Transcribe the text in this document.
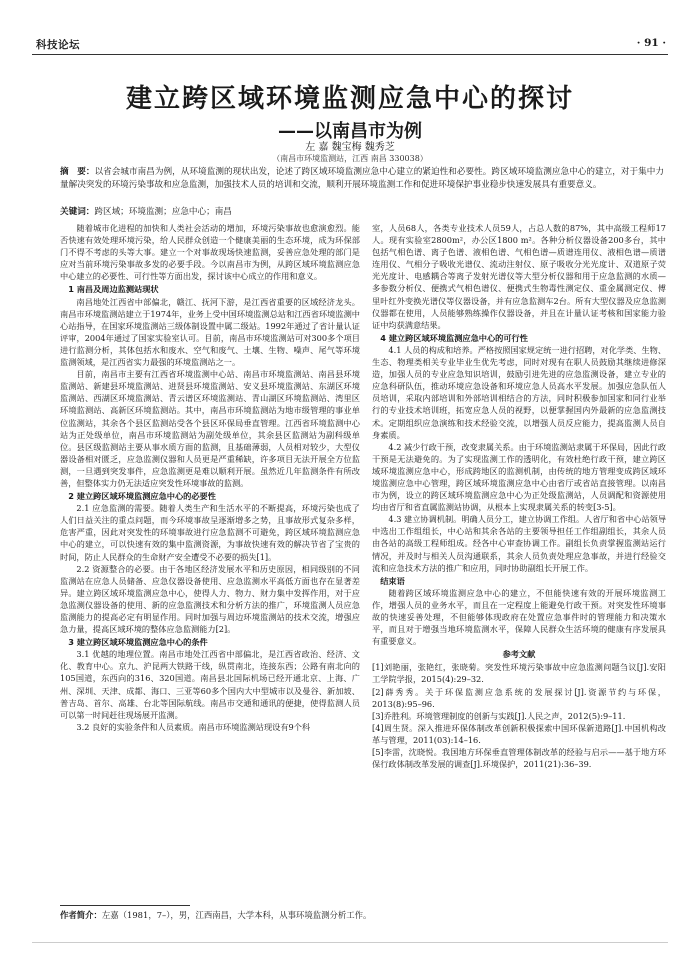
科技论坛	· 91 ·
建立跨区域环境监测应急中心的探讨
——以南昌市为例
左 嘉 魏宝梅 魏秀芝
（南昌市环境监测站，江西 南昌 330038）
摘　要：以省会城市南昌为例，从环境监测的现状出发，论述了跨区域环境监测应急中心建立的紧迫性和必要性。跨区域环境监测应急中心的建立，对于集中力量解决突发的环境污染事故和应急监测，加强技术人员的培训和交流，顺利开展环境监测工作和促进环境保护事业稳步快速发展具有重要意义。
关键词：跨区域；环境监测；应急中心；南昌

随着城市化进程的加快和人类社会活动的增加，环境污染事故也愈演愈烈。能否快速有效处理环境污染，给人民群众创造一个健康美丽的生态环境，成为环保部门不得不考虑的头等大事。建立一个对事故现场快速监测，妥善应急处理的部门是应对当前环境污染事故多发的必要手段。今以南昌市为例，从跨区域环境监测应急中心建立的必要性、可行性等方面出发，探讨该中心成立的作用和意义。

1 南昌及周边监测站现状

南昌地处江西省中部偏北，赣江、抚河下游，是江西省重要的区域经济龙头。南昌市环境监测站建立于1974年，业务上受中国环境监测总站和江西省环境监测中心站指导，在国家环境监测站三级体制设置中属二级站。1992年通过了省计量认证评审，2004年通过了国家实验室认可。目前，南昌市环境监测站可对300多个项目进行监测分析，其体包括水和废水、空气和废气、土壤、生物、噪声、尾气等环境监测领域，是江西省实力最强的环境监测站之一。

目前，南昌市主要有江西省环境监测中心站、南昌市环境监测站、南昌县环境监测站、新建县环境监测站、进贤县环境监测站、安义县环境监测站、东湖区环境监测站、西湖区环境监测站、青云谱区环境监测站、青山湖区环境监测站、湾里区环境监测站、高新区环境监测站。其中，南昌市环境监测站为地市级管理的事业单位监测站，其余各个县区监测站受各个县区环保局垂直管理。江西省环境监测中心站为正处级单位，南昌市环境监测站为副处级单位，其余县区监测站为副科级单位。县区级监测站主要从事水质方面的监测，且基础薄弱，人员相对较少，大型仪器设备相对匮乏，应急监测仪器和人员更是严重稀缺，许多项目无法开展全方位监测，一旦遇到突发事件，应急监测更是难以顺利开展。虽然近几年监测条件有所改善，但整体实力仍无法适应突发性环境事故的监测。

2 建立跨区域环境监测应急中心的必要性

2.1 应急监测的需要。随着人类生产和生活水平的不断提高，环境污染也成了人们日益关注的重点问题，而今环境事故呈逐渐增多之势，且事故形式复杂多样，危害严重，因此对突发性的环境事故进行应急监测不可避免，跨区域环境监测应急中心的建立，可以快速有效的集中监测资源，为事故快速有效的解决节省了宝贵的时间，防止人民群众的生命财产安全遭受不必要的损失[1]。

2.2 资源整合的必要。由于各地区经济发展水平和历史原因，相同级别的不同监测站在应急人员储备、应急仪器设备使用、应急监测水平高低方面也存在显著差异。建立跨区域环境监测应急中心，使得人力、物力、财力集中发挥作用，对于应急监测仪器设备的使用、新的应急监测技术和分析方法的推广，环境监测人员应急监测能力的提高必定有明显作用。同时加强与周边环境监测站的技术交流，增强应急力量，提高区域环境的整体应急监测能力[2]。

3 建立跨区域环境监测应急中心的条件

3.1 优越的地理位置。南昌市地处江西省中部偏北，是江西省政治、经济、文化、教育中心。京九、沪昆两大铁路干线，纵贯南北，连接东西；公路有南北向的105国道，东西向的316、320国道。南昌县北国际机场已经开通北京、上海、广州、深圳、天津、成都、海口、三亚等60多个国内大中型城市以及曼谷、新加坡、普吉岛、首尔、高雄、台北等国际航线。南昌市交通和通讯的便捷，使得监测人员可以第一时间赶往现场展开监测。

3.2 良好的实验条件和人员素质。南昌市环境监测站现设有9个科

室，人员68人，各类专业技术人员59人，占总人数的87%，其中高级工程师17人。现有实验室2800m²，办公区1800 m²。各种分析仪器设备200多台，其中包括气相色谱、离子色谱、液相色谱、气相色谱—质谱连用仪、液相色谱—质谱连用仪、气相分子吸收光谱仪、流动注射仪、原子吸收分光光度计、双道原子荧光光度计、电感耦合等离子发射光谱仪等大型分析仪器和用于应急监测的水质—多参数分析仪、便携式气相色谱仪、便携式生物毒性测定仪、重金属测定仪、傅里叶红外变换光谱仪等仪器设备，并有应急监测车2台。所有大型仪器及应急监测仪器都在使用，人员能够熟练操作仪器设备，并且在计量认证考核和国家能力验证中均获满意结果。

4 建立跨区域环境监测应急中心的可行性

4.1 人员的构成和培养。严格按照国家规定统一进行招聘，对化学类、生物、生态、物理类相关专业毕业生优先考虑，同时对现有在职人员鼓励其继续进修深造，加强人员的专业应急知识培训，鼓励引进先进的应急监测设备，建立专业的应急科研队伍，推动环境应急设备和环境应急人员高水平发展。加强应急队伍人员培训，采取内部培训和外部培训相结合的方法，同时积极参加国家和同行业举行的专业技术培训班，拓宽应急人员的视野，以便掌握国内外最新的应急监测技术。定期组织应急演练和技术经验交流，以增强人员反应能力，提高监测人员自身素质。

4.2 减少行政干预，改变隶属关系。由于环境监测站隶属于环保局，因此行政干预是无法避免的。为了实现监测工作的透明化，有效杜绝行政干预，建立跨区域环境监测应急中心，形成跨地区的监测机制，由传统的地方管理变成跨区域环境监测应急中心管理，跨区域环境监测应急中心由省厅或省站直接管理。以南昌市为例，设立的跨区域环境监测应急中心为正处级监测站，人员调配和资源使用均由省厅和省直属监测站协调，从根本上实现隶属关系的转变[3-5]。

4.3 建立协调机制。明确人员分工，建立协调工作组。人省厅和省中心站领导中选出工作组组长，中心站和其余各站的主要领导担任工作组副组长，其余人员由各站的高级工程师组成。经各中心审查协调工作。副组长负责掌握监测站运行情况，并及时与相关人员沟通联系，其余人员负责处理应急事故，并进行经验交流和应急技术方法的推广和应用，同时协助副组长开展工作。

结束语

随着跨区域环境监测应急中心的建立，不但能快速有效的开展环境监测工作，增强人员的业务水平，而且在一定程度上能避免行政干预。对突发性环境事故的快速妥善处理，不但能够体现政府在处置应急事件时的管理能力和决策水平，而且对于增强当地环境监测水平，保障人民群众生活环境的健康有序发展具有重要意义。

参考文献

[1]刘艳丽，张艳红，张晓菊。突发性环境污染事故中应急监测问题刍议[J].安阳工学院学报，2015(4):29–32.

[2]薛秀秀。关于环保监测应急系统的发展探讨[J].资源节约与环保，2013(8):95–96.

[3]乔胜利。环境管理制度的创新与实践[J].人民之声，2012(5):9–11.

[4]周生贤。深入推进环保体制改革创新积极探索中国环保新道路[J].中国机构改革与管理，2011(03):14–16.

[5]李雷，沈晓悦。我国地方环保垂直管理体制改革的经验与启示——基于地方环保行政体制改革发展的调查[J].环境保护，2011(21):36–39.

作者简介：左嘉（1981，7–），男，江西南昌，大学本科，从事环境监测分析工作。
